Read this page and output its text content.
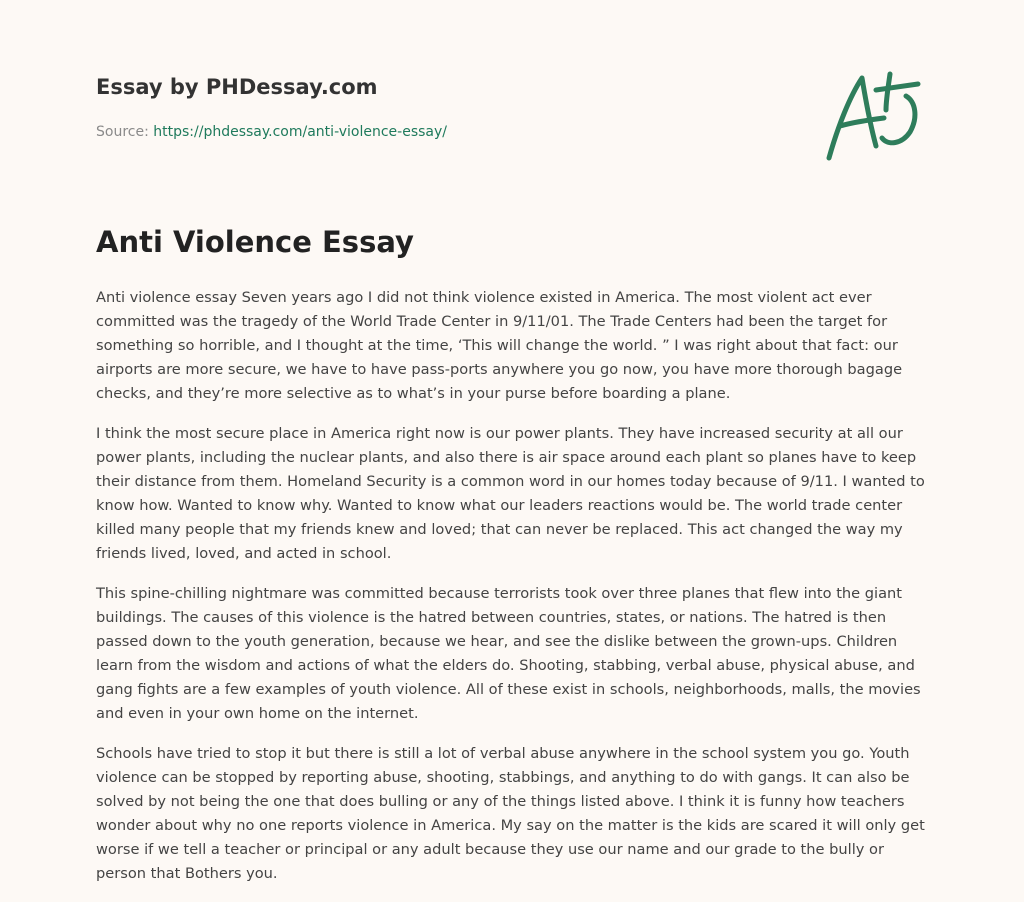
Essay by PHDessay.com
Source: https://phdessay.com/anti-violence-essay/
Anti Violence Essay

Anti violence essay Seven years ago I did not think violence existed in America. The most violent act ever committed was the tragedy of the World Trade Center in 9/11/01. The Trade Centers had been the target for something so horrible, and I thought at the time, ‘This will change the world. ” I was right about that fact: our airports are more secure, we have to have pass-ports anywhere you go now, you have more thorough bagage checks, and they’re more selective as to what’s in your purse before boarding a plane.

I think the most secure place in America right now is our power plants. They have increased security at all our power plants, including the nuclear plants, and also there is air space around each plant so planes have to keep their distance from them. Homeland Security is a common word in our homes today because of 9/11. I wanted to know how. Wanted to know why. Wanted to know what our leaders reactions would be. The world trade center killed many people that my friends knew and loved; that can never be replaced. This act changed the way my friends lived, loved, and acted in school.

This spine-chilling nightmare was committed because terrorists took over three planes that flew into the giant buildings. The causes of this violence is the hatred between countries, states, or nations. The hatred is then passed down to the youth generation, because we hear, and see the dislike between the grown-ups. Children learn from the wisdom and actions of what the elders do. Shooting, stabbing, verbal abuse, physical abuse, and gang fights are a few examples of youth violence. All of these exist in schools, neighborhoods, malls, the movies and even in your own home on the internet.

Schools have tried to stop it but there is still a lot of verbal abuse anywhere in the school system you go. Youth violence can be stopped by reporting abuse, shooting, stabbings, and anything to do with gangs. It can also be solved by not being the one that does bulling or any of the things listed above. I think it is funny how teachers wonder about why no one reports violence in America. My say on the matter is the kids are scared it will only get worse if we tell a teacher or principal or any adult because they use our name and our grade to the bully or person that Bothers you.
